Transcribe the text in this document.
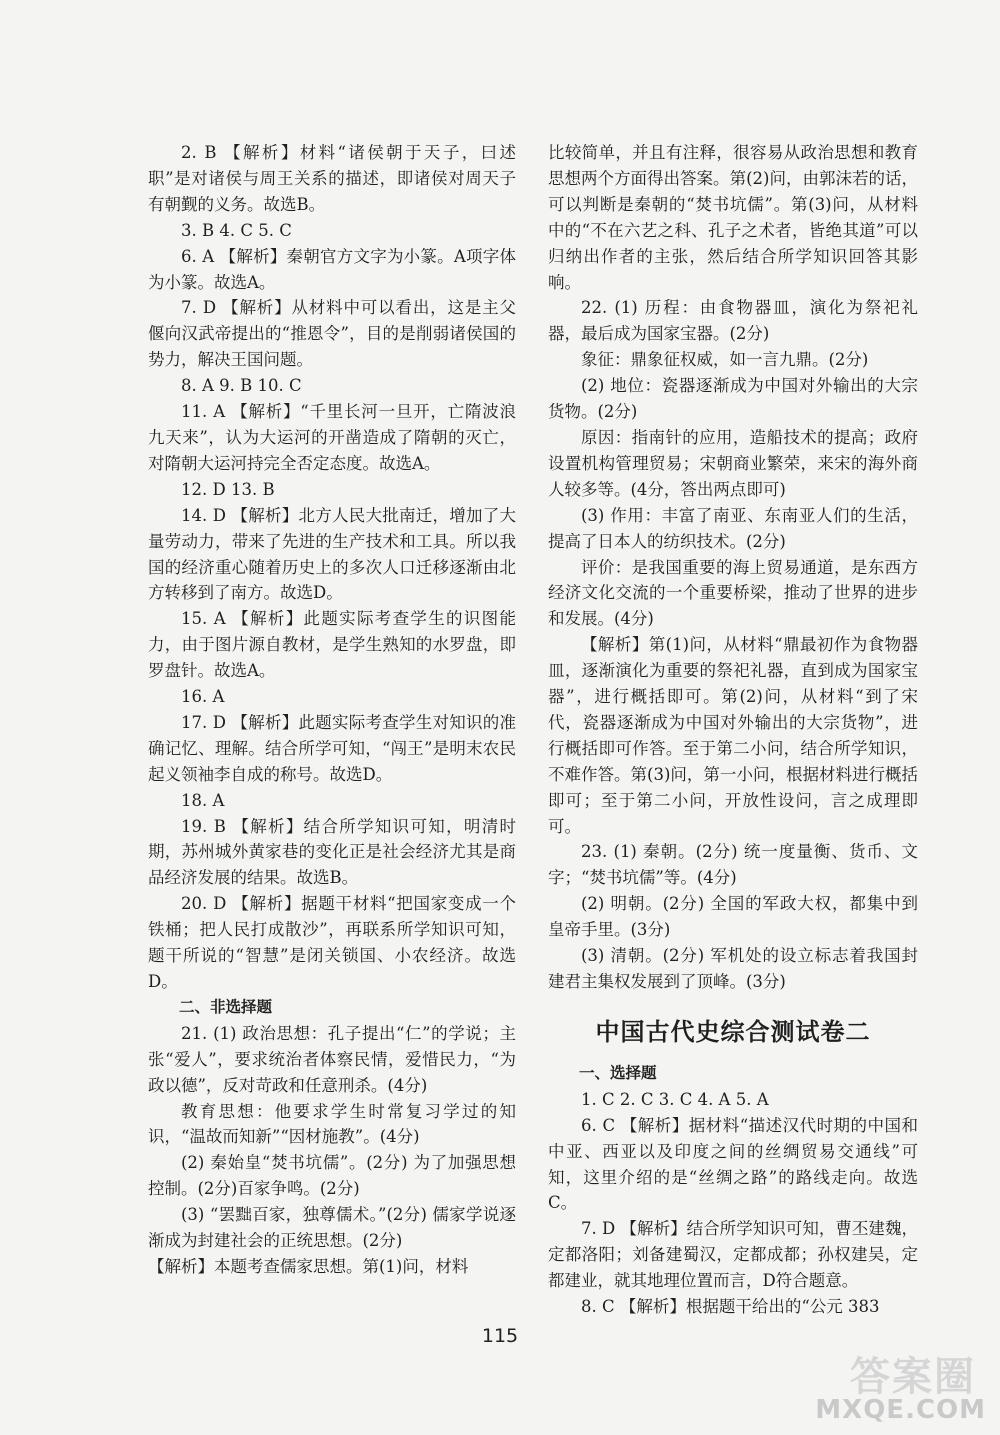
2. B 【解析】材料“诸侯朝于天子，曰述职”是对诸侯与周王关系的描述，即诸侯对周天子有朝觐的义务。故选B。

3. B 4. C 5. C

6. A 【解析】秦朝官方文字为小篆。A项字体为小篆。故选A。

7. D 【解析】从材料中可以看出，这是主父偃向汉武帝提出的“推恩令”，目的是削弱诸侯国的势力，解决王国问题。

8. A 9. B 10. C

11. A 【解析】“千里长河一旦开，亡隋波浪九天来”，认为大运河的开凿造成了隋朝的灭亡，对隋朝大运河持完全否定态度。故选A。

12. D 13. B

14. D 【解析】北方人民大批南迁，增加了大量劳动力，带来了先进的生产技术和工具。所以我国的经济重心随着历史上的多次人口迁移逐渐由北方转移到了南方。故选D。

15. A 【解析】此题实际考查学生的识图能力，由于图片源自教材，是学生熟知的水罗盘，即罗盘针。故选A。

16. A

17. D 【解析】此题实际考查学生对知识的准确记忆、理解。结合所学可知，“闯王”是明末农民起义领袖李自成的称号。故选D。

18. A

19. B 【解析】结合所学知识可知，明清时期，苏州城外黄家巷的变化正是社会经济尤其是商品经济发展的结果。故选B。

20. D 【解析】据题干材料“把国家变成一个铁桶；把人民打成散沙”，再联系所学知识可知，题干所说的“智慧”是闭关锁国、小农经济。故选D。

二、非选择题

21. (1) 政治思想：孔子提出“仁”的学说；主张“爱人”，要求统治者体察民情，爱惜民力，“为政以德”，反对苛政和任意刑杀。(4分)

教育思想：他要求学生时常复习学过的知识，“温故而知新”“因材施教”。(4分)

(2) 秦始皇“焚书坑儒”。(2分) 为了加强思想控制。(2分)百家争鸣。(2分)

(3) “罢黜百家，独尊儒术。”(2分) 儒家学说逐渐成为封建社会的正统思想。(2分)

【解析】本题考查儒家思想。第(1)问，材料

比较简单，并且有注释，很容易从政治思想和教育思想两个方面得出答案。第(2)问，由郭沫若的话，可以判断是秦朝的“焚书坑儒”。第(3)问，从材料中的“不在六艺之科、孔子之术者，皆绝其道”可以归纳出作者的主张，然后结合所学知识回答其影响。

22. (1) 历程：由食物器皿，演化为祭祀礼器，最后成为国家宝器。(2分)

象征：鼎象征权威，如一言九鼎。(2分)

(2) 地位：瓷器逐渐成为中国对外输出的大宗货物。(2分)

原因：指南针的应用，造船技术的提高；政府设置机构管理贸易；宋朝商业繁荣，来宋的海外商人较多等。(4分，答出两点即可)

(3) 作用：丰富了南亚、东南亚人们的生活，提高了日本人的纺织技术。(2分)

评价：是我国重要的海上贸易通道，是东西方经济文化交流的一个重要桥梁，推动了世界的进步和发展。(4分)

【解析】第(1)问，从材料“鼎最初作为食物器皿，逐渐演化为重要的祭祀礼器，直到成为国家宝器”，进行概括即可。第(2)问，从材料“到了宋代，瓷器逐渐成为中国对外输出的大宗货物”，进行概括即可作答。至于第二小问，结合所学知识，不难作答。第(3)问，第一小问，根据材料进行概括即可；至于第二小问，开放性设问，言之成理即可。

23. (1) 秦朝。(2分) 统一度量衡、货币、文字；“焚书坑儒”等。(4分)

(2) 明朝。(2分) 全国的军政大权，都集中到皇帝手里。(3分)

(3) 清朝。(2分) 军机处的设立标志着我国封建君主集权发展到了顶峰。(3分)

中国古代史综合测试卷二

一、选择题

1. C 2. C 3. C 4. A 5. A

6. C 【解析】据材料“描述汉代时期的中国和中亚、西亚以及印度之间的丝绸贸易交通线”可知，这里介绍的是“丝绸之路”的路线走向。故选C。

7. D 【解析】结合所学知识可知，曹丕建魏，定都洛阳；刘备建蜀汉，定都成都；孙权建吴，定都建业，就其地理位置而言，D符合题意。

8. C 【解析】根据题干给出的“公元 383

115
答案圈
MXQE.COM
